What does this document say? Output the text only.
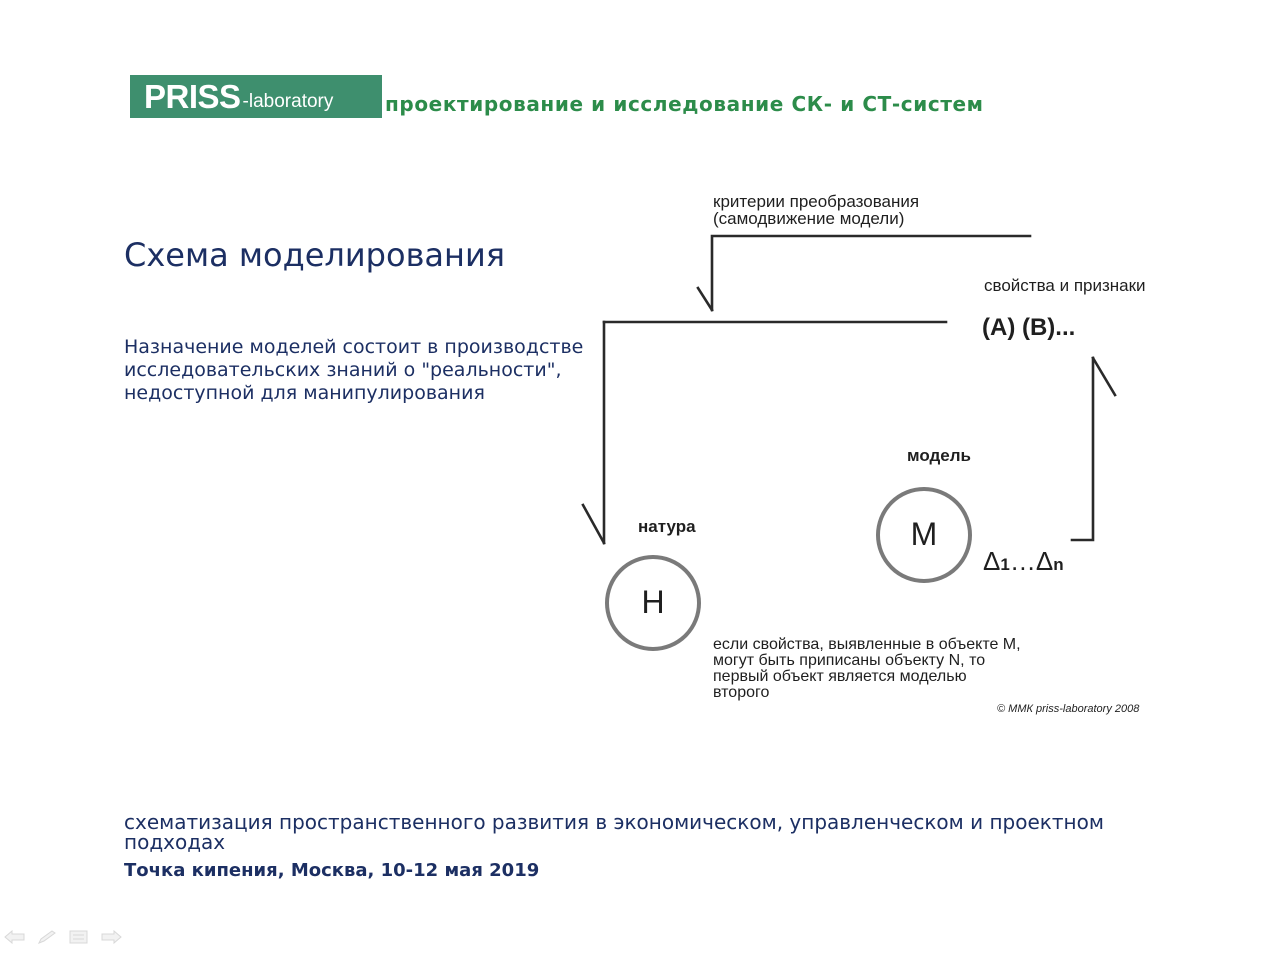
PRISS -laboratory	проектирование и исследование СК- и СТ-систем
Схема моделирования
Назначение моделей состоит в производстве исследовательских знаний о "реальности", недоступной для манипулирования
критерии преобразования
(самодвижение модели)
свойства и признаки
(A) (B)...
модель
М
натура
Н
Δ1…Δn
если свойства, выявленные в объекте М,
могут быть приписаны объекту N, то
первый объект является моделью
второго
© ММК priss-laboratory 2008
схематизация пространственного развития в экономическом, управленческом и проектном подходах
Точка кипения, Москва, 10-12 мая 2019
